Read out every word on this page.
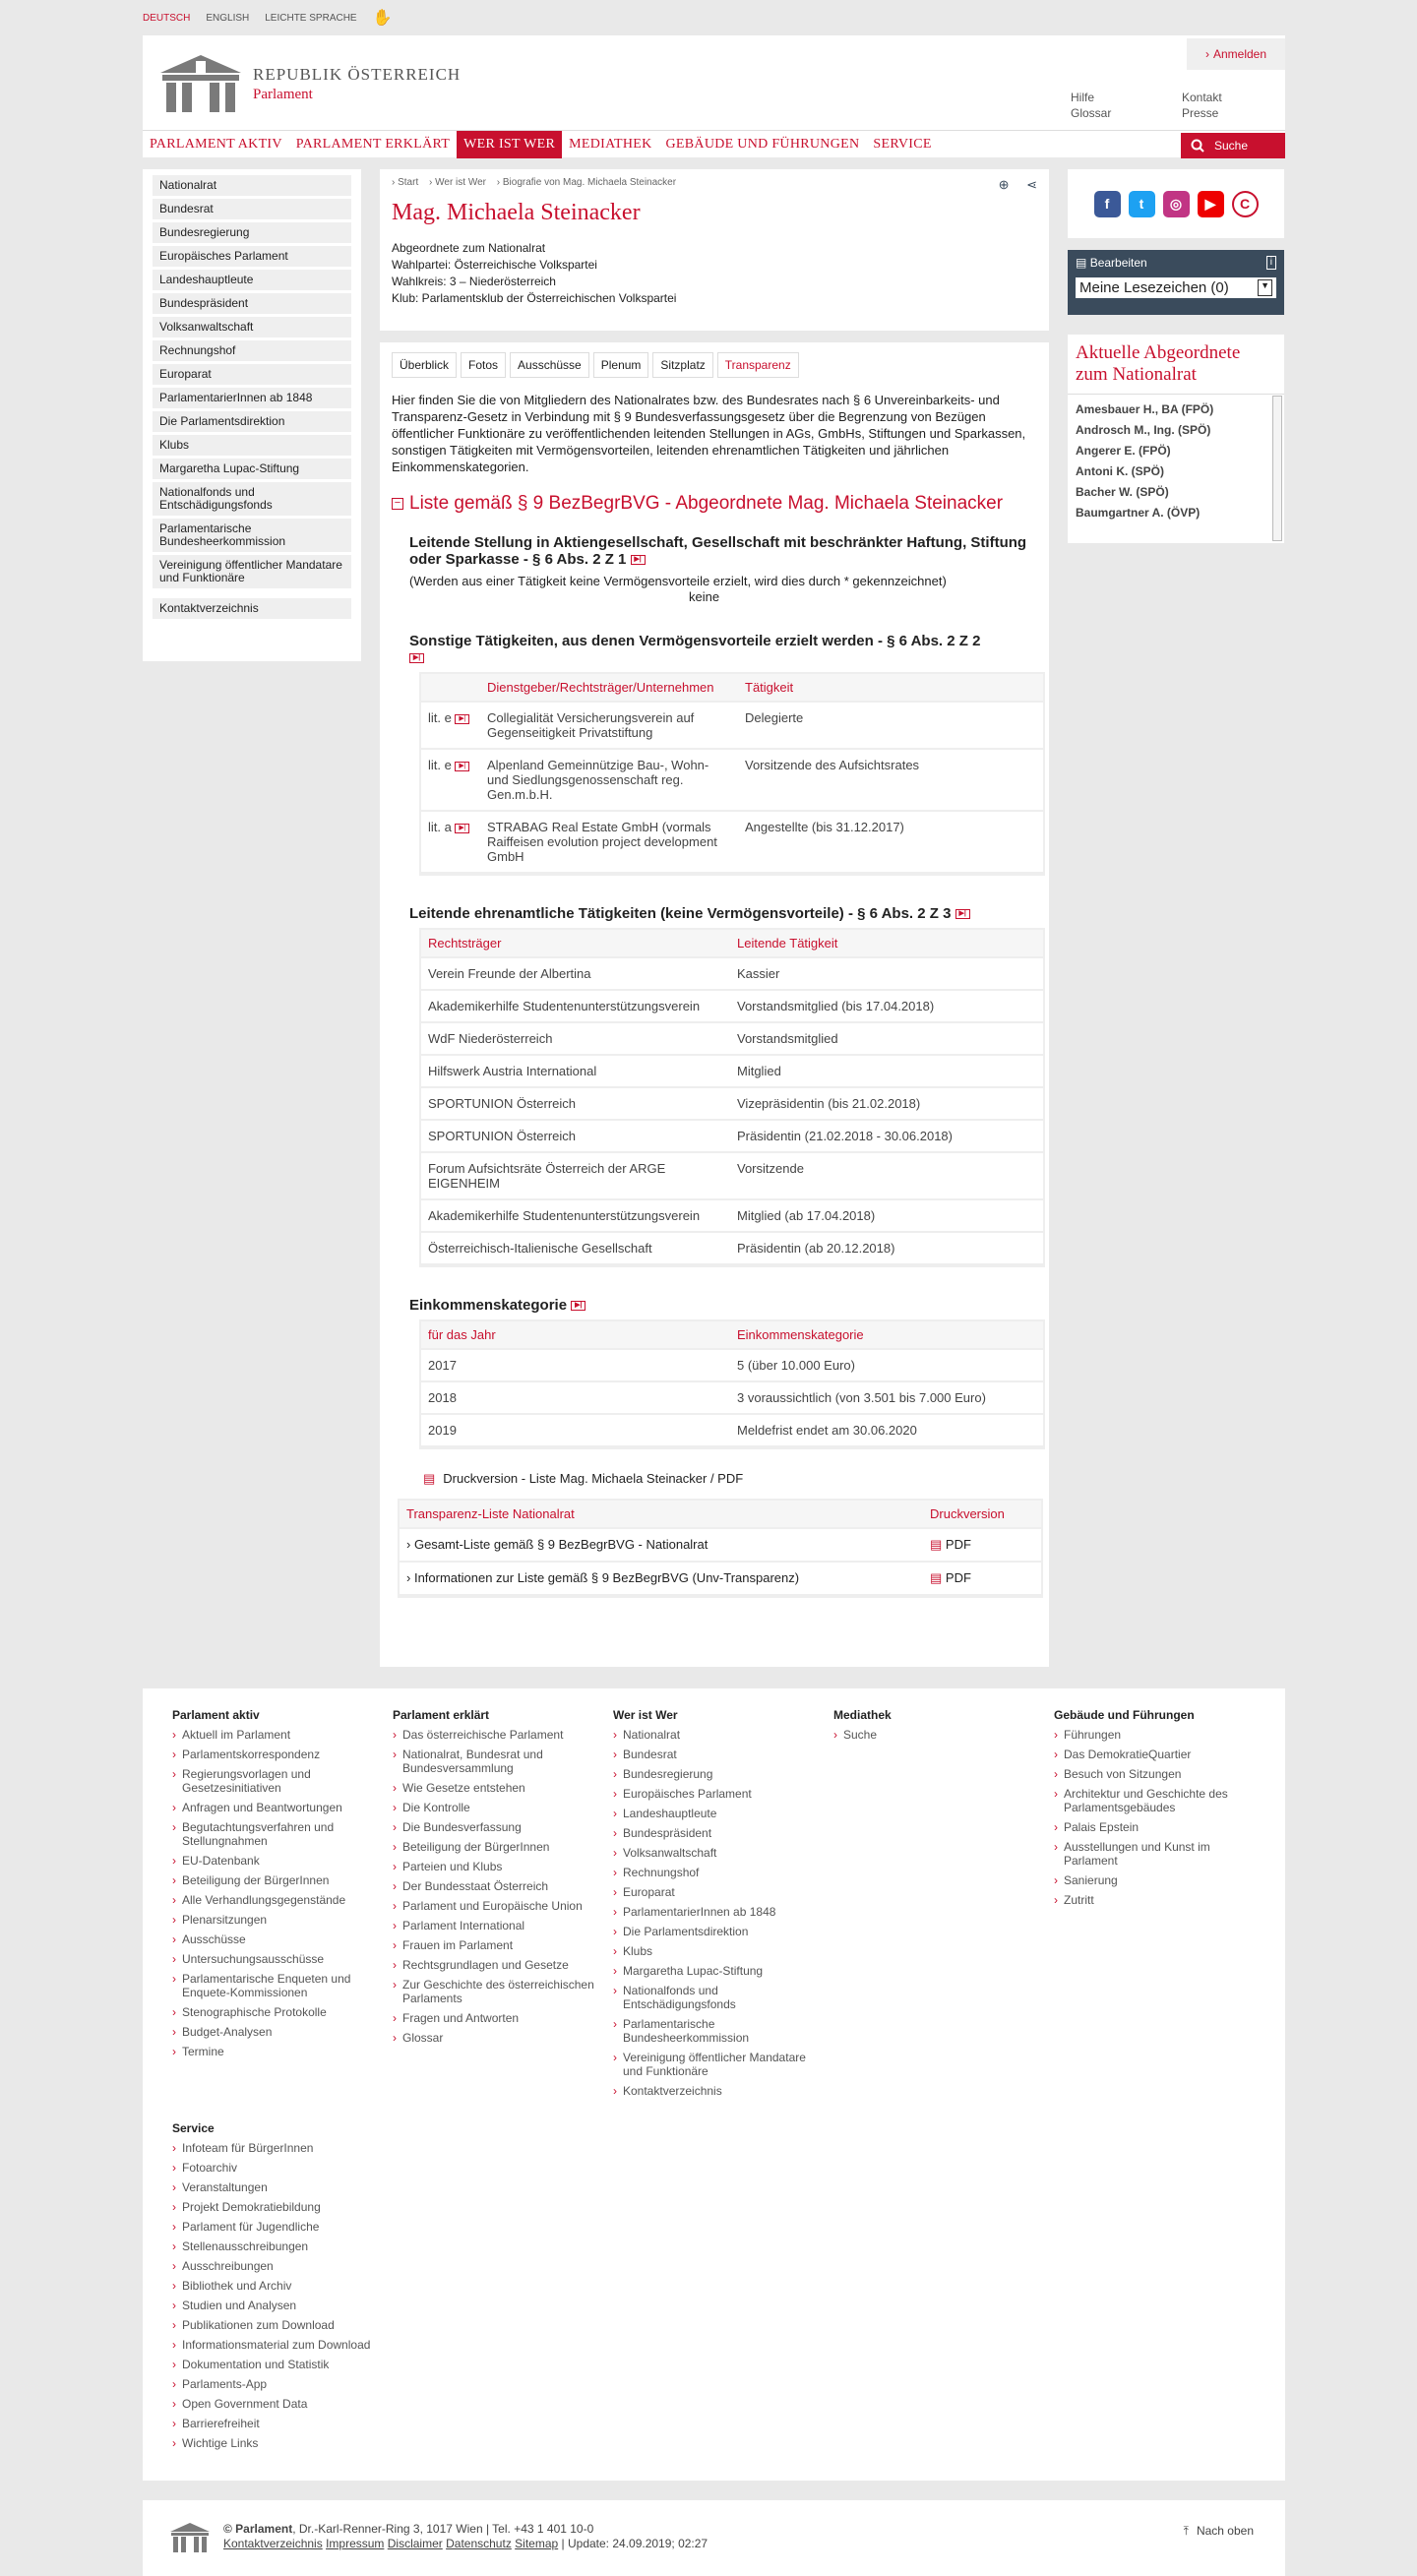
DEUTSCH ENGLISH LEICHTE SPRACHE ✋
REPUBLIK ÖSTERREICH
Parlament
› Anmelden
Hilfe
Glossar
Kontakt
Presse
PARLAMENT AKTIV	PARLAMENT ERKLÄRT	WER IST WER	MEDIATHEK	GEBÄUDE UND FÜHRUNGEN	SERVICE	Suche
Nationalrat
Bundesrat
Bundesregierung
Europäisches Parlament
Landeshauptleute
Bundespräsident
Volksanwaltschaft
Rechnungshof
Europarat
ParlamentarierInnen ab 1848
Die Parlamentsdirektion
Klubs
Margaretha Lupac-Stiftung
Nationalfonds und Entschädigungsfonds
Parlamentarische Bundesheerkommission
Vereinigung öffentlicher Mandatare und Funktionäre
Kontaktverzeichnis
› Start › Wer ist Wer › Biografie von Mag. Michaela Steinacker	⊕ ⋖
Mag. Michaela Steinacker
Abgeordnete zum Nationalrat
Wahlpartei: Österreichische Volkspartei
Wahlkreis: 3 – Niederösterreich
Klub: Parlamentsklub der Österreichischen Volkspartei
Überblick	Fotos	Ausschüsse	Plenum	Sitzplatz	Transparenz

Hier finden Sie die von Mitgliedern des Nationalrates bzw. des Bundesrates nach § 6 Unvereinbarkeits- und Transparenz-Gesetz in Verbindung mit § 9 Bundesverfassungsgesetz über die Begrenzung von Bezügen öffentlicher Funktionäre zu veröffentlichenden leitenden Stellungen in AGs, GmbHs, Stiftungen und Sparkassen, sonstigen Tätigkeiten mit Vermögensvorteilen, leitenden ehrenamtlichen Tätigkeiten und jährlichen Einkommenskategorien.

− Liste gemäß § 9 BezBegrBVG - Abgeordnete Mag. Michaela Steinacker
Leitende Stellung in Aktiengesellschaft, Gesellschaft mit beschränkter Haftung, Stiftung oder Sparkasse - § 6 Abs. 2 Z 1 ▶|
(Werden aus einer Tätigkeit keine Vermögensvorteile erzielt, wird dies durch * gekennzeichnet)
keine
Sonstige Tätigkeiten, aus denen Vermögensvorteile erzielt werden - § 6 Abs. 2 Z 2
▶|
	Dienstgeber/Rechtsträger/Unternehmen	Tätigkeit
lit. e ▶|	Collegialität Versicherungsverein auf Gegenseitigkeit Privatstiftung	Delegierte
lit. e ▶|	Alpenland Gemeinnützige Bau-, Wohn- und Siedlungsgenossenschaft reg. Gen.m.b.H.	Vorsitzende des Aufsichtsrates
lit. a ▶|	STRABAG Real Estate GmbH (vormals Raiffeisen evolution project development GmbH	Angestellte (bis 31.12.2017)
Leitende ehrenamtliche Tätigkeiten (keine Vermögensvorteile) - § 6 Abs. 2 Z 3 ▶|
Rechtsträger	Leitende Tätigkeit
Verein Freunde der Albertina	Kassier
Akademikerhilfe Studentenunterstützungsverein	Vorstandsmitglied (bis 17.04.2018)
WdF Niederösterreich	Vorstandsmitglied
Hilfswerk Austria International	Mitglied
SPORTUNION Österreich	Vizepräsidentin (bis 21.02.2018)
SPORTUNION Österreich	Präsidentin (21.02.2018 - 30.06.2018)
Forum Aufsichtsräte Österreich der ARGE EIGENHEIM	Vorsitzende
Akademikerhilfe Studentenunterstützungsverein	Mitglied (ab 17.04.2018)
Österreichisch-Italienische Gesellschaft	Präsidentin (ab 20.12.2018)
Einkommenskategorie ▶|
für das Jahr	Einkommenskategorie
2017	5 (über 10.000 Euro)
2018	3 voraussichtlich (von 3.501 bis 7.000 Euro)
2019	Meldefrist endet am 30.06.2020
▤ Druckversion - Liste Mag. Michaela Steinacker / PDF
Transparenz-Liste Nationalrat	Druckversion
› Gesamt-Liste gemäß § 9 BezBegrBVG - Nationalrat	▤ PDF
› Informationen zur Liste gemäß § 9 BezBegrBVG (Unv-Transparenz)	▤ PDF
f	t	◎	▶	C
▤ Bearbeiten	i
Meine Lesezeichen (0)	▼
Aktuelle Abgeordnete zum Nationalrat
Amesbauer H., BA (FPÖ)
Androsch M., Ing. (SPÖ)
Angerer E. (FPÖ)
Antoni K. (SPÖ)
Bacher W. (SPÖ)
Baumgartner A. (ÖVP)
Parlament aktiv
› Aktuell im Parlament
› Parlamentskorrespondenz
› Regierungsvorlagen und Gesetzesinitiativen
› Anfragen und Beantwortungen
› Begutachtungsverfahren und Stellungnahmen
› EU-Datenbank
› Beteiligung der BürgerInnen
› Alle Verhandlungsgegenstände
› Plenarsitzungen
› Ausschüsse
› Untersuchungsausschüsse
› Parlamentarische Enqueten und Enquete-Kommissionen
› Stenographische Protokolle
› Budget-Analysen
› Termine
Parlament erklärt
› Das österreichische Parlament
› Nationalrat, Bundesrat und Bundesversammlung
› Wie Gesetze entstehen
› Die Kontrolle
› Die Bundesverfassung
› Beteiligung der BürgerInnen
› Parteien und Klubs
› Der Bundesstaat Österreich
› Parlament und Europäische Union
› Parlament International
› Frauen im Parlament
› Rechtsgrundlagen und Gesetze
› Zur Geschichte des österreichischen Parlaments
› Fragen und Antworten
› Glossar
Wer ist Wer
› Nationalrat
› Bundesrat
› Bundesregierung
› Europäisches Parlament
› Landeshauptleute
› Bundespräsident
› Volksanwaltschaft
› Rechnungshof
› Europarat
› ParlamentarierInnen ab 1848
› Die Parlamentsdirektion
› Klubs
› Margaretha Lupac-Stiftung
› Nationalfonds und Entschädigungsfonds
› Parlamentarische Bundesheerkommission
› Vereinigung öffentlicher Mandatare und Funktionäre
› Kontaktverzeichnis
Mediathek
› Suche
Gebäude und Führungen
› Führungen
› Das DemokratieQuartier
› Besuch von Sitzungen
› Architektur und Geschichte des Parlamentsgebäudes
› Palais Epstein
› Ausstellungen und Kunst im Parlament
› Sanierung
› Zutritt
Service
› Infoteam für BürgerInnen
› Fotoarchiv
› Veranstaltungen
› Projekt Demokratiebildung
› Parlament für Jugendliche
› Stellenausschreibungen
› Ausschreibungen
› Bibliothek und Archiv
› Studien und Analysen
› Publikationen zum Download
› Informationsmaterial zum Download
› Dokumentation und Statistik
› Parlaments-App
› Open Government Data
› Barrierefreiheit
› Wichtige Links
© Parlament, Dr.-Karl-Renner-Ring 3, 1017 Wien | Tel. +43 1 401 10-0
Kontaktverzeichnis Impressum Disclaimer Datenschutz Sitemap | Update: 24.09.2019; 02:27
⤒ Nach oben
